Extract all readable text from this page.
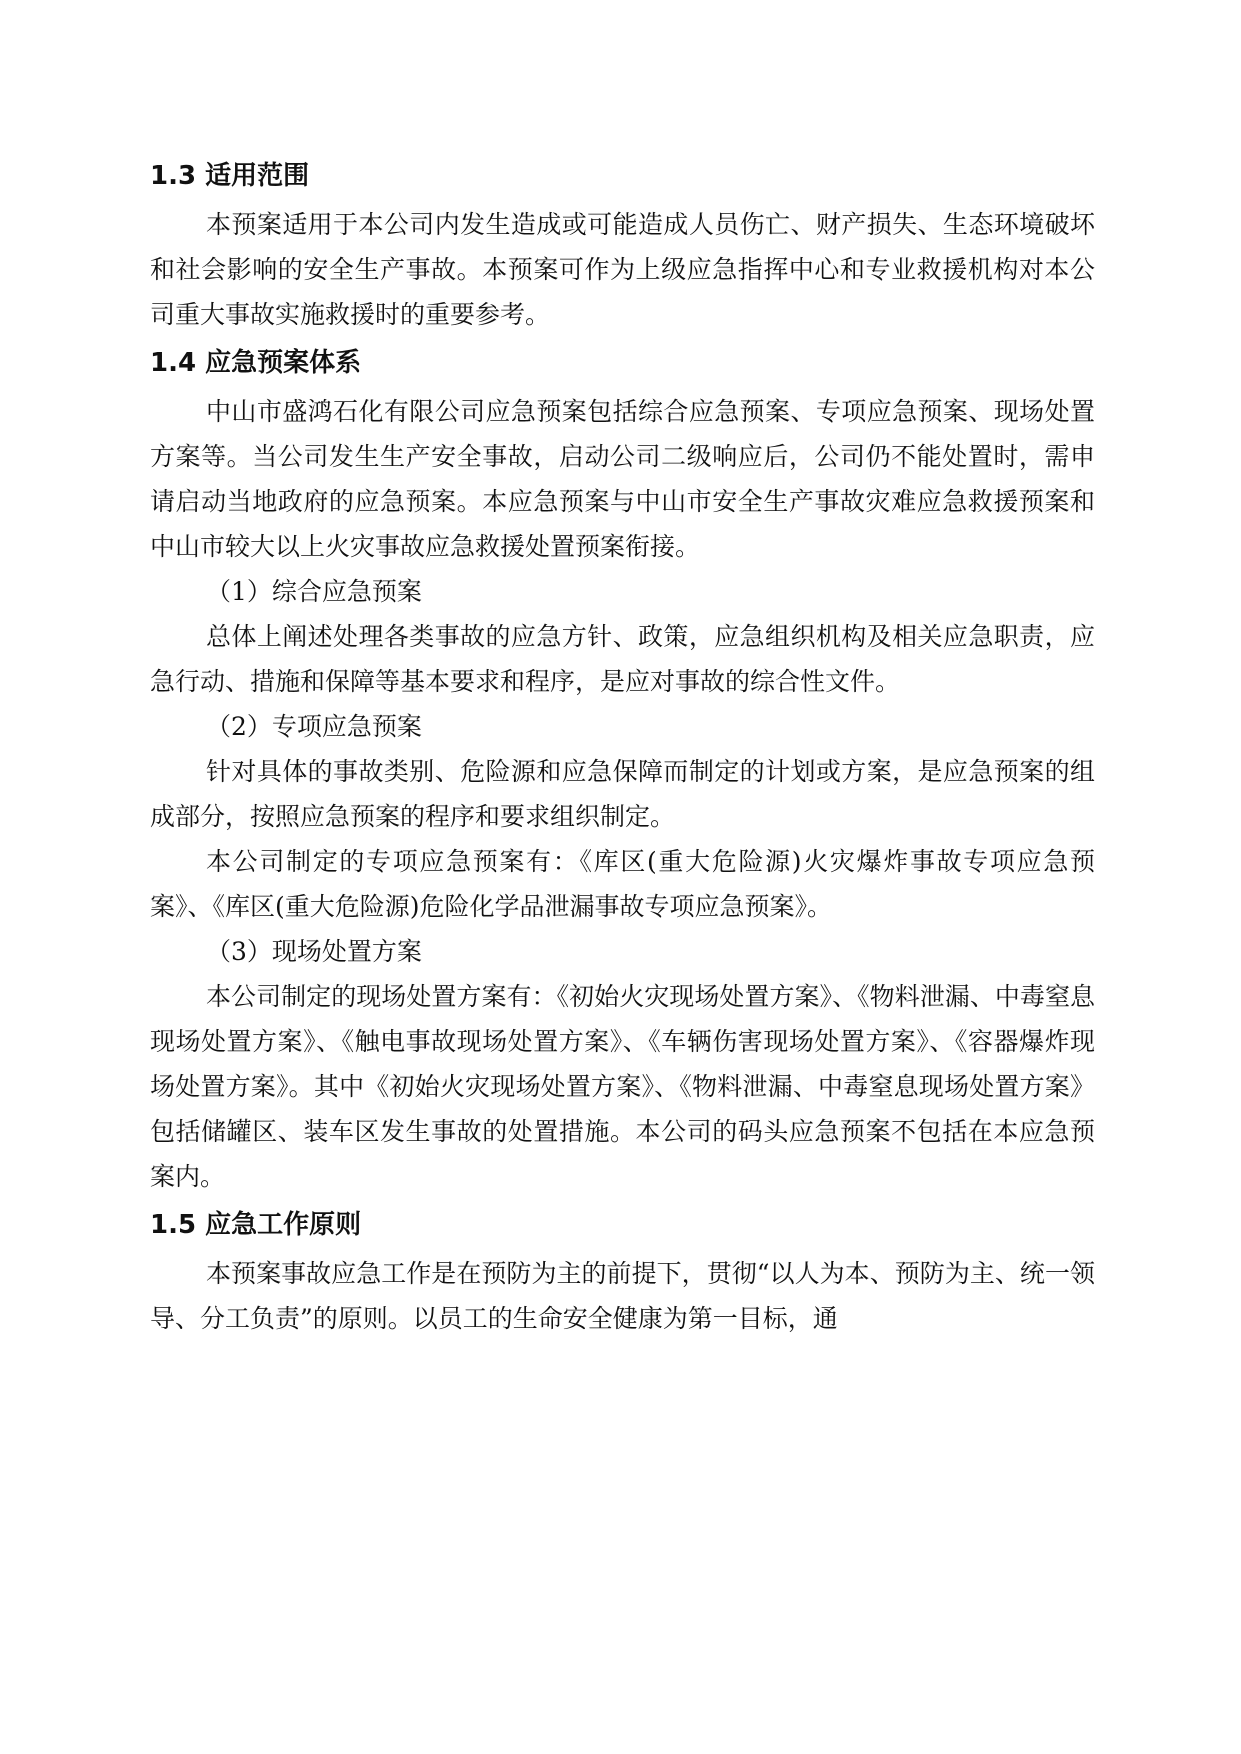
1.3 适用范围

本预案适用于本公司内发生造成或可能造成人员伤亡、财产损失、生态环境破坏和社会影响的安全生产事故。本预案可作为上级应急指挥中心和专业救援机构对本公司重大事故实施救援时的重要参考。

1.4 应急预案体系

中山市盛鸿石化有限公司应急预案包括综合应急预案、专项应急预案、现场处置方案等。当公司发生生产安全事故，启动公司二级响应后，公司仍不能处置时，需申请启动当地政府的应急预案。本应急预案与中山市安全生产事故灾难应急救援预案和中山市较大以上火灾事故应急救援处置预案衔接。

（1）综合应急预案

总体上阐述处理各类事故的应急方针、政策，应急组织机构及相关应急职责，应急行动、措施和保障等基本要求和程序，是应对事故的综合性文件。

（2）专项应急预案

针对具体的事故类别、危险源和应急保障而制定的计划或方案，是应急预案的组成部分，按照应急预案的程序和要求组织制定。

本公司制定的专项应急预案有：《库区(重大危险源)火灾爆炸事故专项应急预案》、《库区(重大危险源)危险化学品泄漏事故专项应急预案》。

（3）现场处置方案

本公司制定的现场处置方案有：《初始火灾现场处置方案》、《物料泄漏、中毒窒息现场处置方案》、《触电事故现场处置方案》、《车辆伤害现场处置方案》、《容器爆炸现场处置方案》。其中《初始火灾现场处置方案》、《物料泄漏、中毒窒息现场处置方案》包括储罐区、装车区发生事故的处置措施。本公司的码头应急预案不包括在本应急预案内。

1.5 应急工作原则

本预案事故应急工作是在预防为主的前提下，贯彻“以人为本、预防为主、统一领导、分工负责”的原则。以员工的生命安全健康为第一目标，通
